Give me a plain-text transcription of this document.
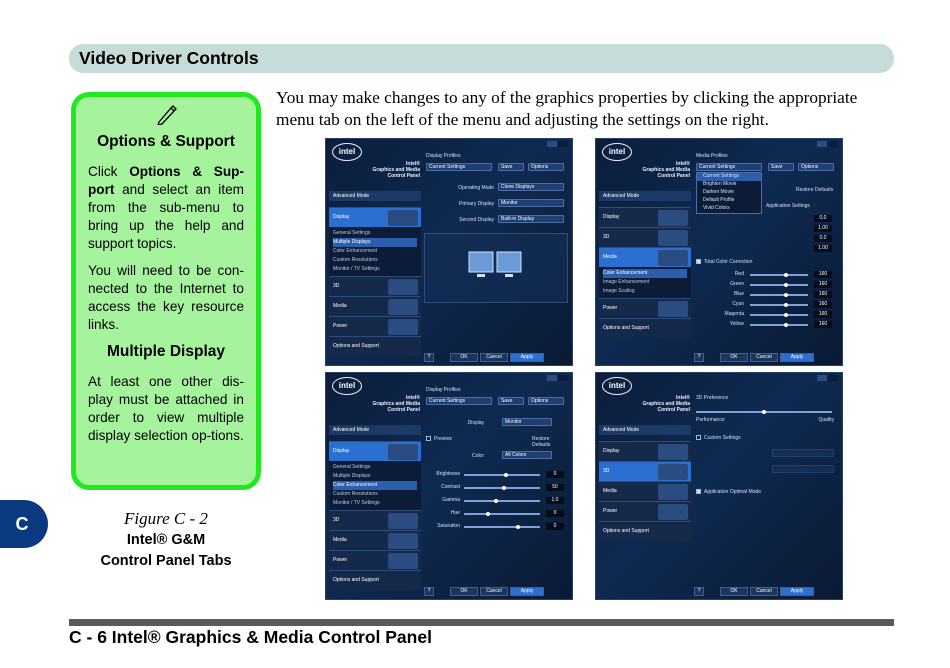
Video Driver Controls
C
Options & Support

Click Options & Sup-port and select an item from the sub-menu to bring up the help and support topics.

You will need to be con-nected to the Internet to access the key resource links.

Multiple Display

At least one other dis-play must be attached in order to view multiple display selection op-tions.

Figure C - 2
Intel® G&M
Control Panel Tabs
You may make changes to any of the graphics properties by clicking the appropriate menu tab on the left of the menu and adjusting the settings on the right.
intel
Intel®
Graphics and Media
Control Panel
Advanced Mode
Display
General Settings
Multiple Displays
Color Enhancement
Custom Resolutions
Monitor / TV Settings
3D
Media
Power
Options and Support
Display Profiles
Current Settings	Save	Options
Operating Mode	Clone Displays
Primary Display	Monitor
Second Display	Built-in Display
?	OK	Cancel	Apply
intel
Intel®
Graphics and Media
Control Panel
Advanced Mode
Display
3D
Media
Color Enhancement
Image Enhancement
Image Scaling
Power
Options and Support
Media Profiles
Current Settings	Save	Options
Current Settings
Brighten Movie
Darken Movie
Default Profile
Vivid Colors
Restore Defaults
Application Settings
0.0
1.00
0.0
1.00
Total Color Correction
Red	160
Green	160
Blue	160
Cyan	160
Magenta	160
Yellow	160
?	OK	Cancel	Apply
intel
Intel®
Graphics and Media
Control Panel
Advanced Mode
Display
General Settings
Multiple Displays
Color Enhancement
Custom Resolutions
Monitor / TV Settings
3D
Media
Power
Options and Support
Display Profiles
Current Settings	Save	Options
Display	Monitor
Preview	Restore Defaults
Color	All Colors
Brightness	0
Contrast	50
Gamma	1.0
Hue	0
Saturation	0
?	OK	Cancel	Apply
intel
Intel®
Graphics and Media
Control Panel
Advanced Mode
Display
3D
Media
Power
Options and Support
3D Preference
Performance	Quality
Custom Settings
Application Optimal Mode
?	OK	Cancel	Apply
C - 6 Intel® Graphics & Media Control Panel
